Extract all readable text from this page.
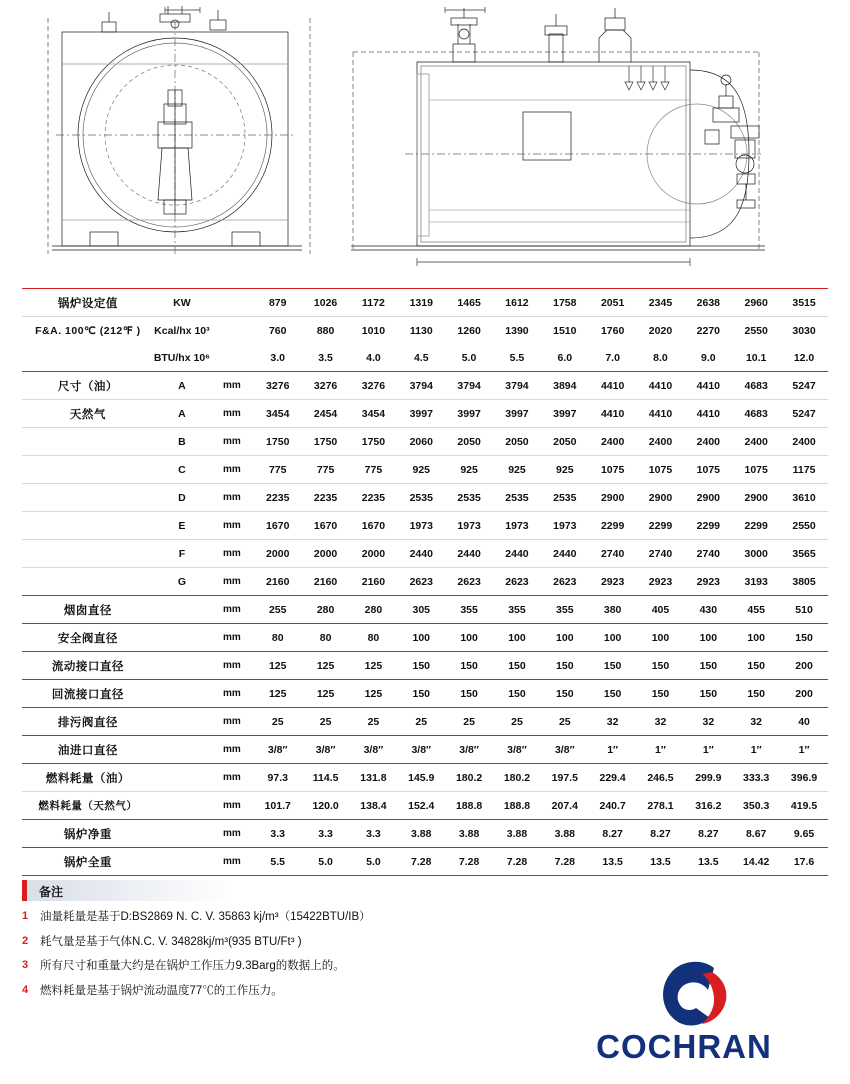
锅炉设定值	KW		879	1026	1172	1319	1465	1612	1758	2051	2345	2638	2960	3515
F&A. 100℃ (212℉ )	Kcal/hx 10³		760	880	1010	1130	1260	1390	1510	1760	2020	2270	2550	3030
	BTU/hx 10⁶		3.0	3.5	4.0	4.5	5.0	5.5	6.0	7.0	8.0	9.0	10.1	12.0
尺寸（油）	A	mm	3276	3276	3276	3794	3794	3794	3894	4410	4410	4410	4683	5247
天然气	A	mm	3454	2454	3454	3997	3997	3997	3997	4410	4410	4410	4683	5247
	B	mm	1750	1750	1750	2060	2050	2050	2050	2400	2400	2400	2400	2400
	C	mm	775	775	775	925	925	925	925	1075	1075	1075	1075	1175
	D	mm	2235	2235	2235	2535	2535	2535	2535	2900	2900	2900	2900	3610
	E	mm	1670	1670	1670	1973	1973	1973	1973	2299	2299	2299	2299	2550
	F	mm	2000	2000	2000	2440	2440	2440	2440	2740	2740	2740	3000	3565
	G	mm	2160	2160	2160	2623	2623	2623	2623	2923	2923	2923	3193	3805
烟囱直径		mm	255	280	280	305	355	355	355	380	405	430	455	510
安全阀直径		mm	80	80	80	100	100	100	100	100	100	100	100	150
流动接口直径		mm	125	125	125	150	150	150	150	150	150	150	150	200
回流接口直径		mm	125	125	125	150	150	150	150	150	150	150	150	200
排污阀直径		mm	25	25	25	25	25	25	25	32	32	32	32	40
油进口直径		mm	3/8″	3/8″	3/8″	3/8″	3/8″	3/8″	3/8″	1″	1″	1″	1″	1″
燃料耗量（油）		mm	97.3	114.5	131.8	145.9	180.2	180.2	197.5	229.4	246.5	299.9	333.3	396.9
燃料耗量（天然气）		mm	101.7	120.0	138.4	152.4	188.8	188.8	207.4	240.7	278.1	316.2	350.3	419.5
锅炉净重		mm	3.3	3.3	3.3	3.88	3.88	3.88	3.88	8.27	8.27	8.27	8.67	9.65
锅炉全重		mm	5.5	5.0	5.0	7.28	7.28	7.28	7.28	13.5	13.5	13.5	14.42	17.6
备注
1	油量耗量是基于D:BS2869 N. C. V. 35863 kj/m³（15422BTU/IB）
2	耗气量是基于气体N.C. V. 34828kj/m³(935 BTU/Ft³ )
3	所有尺寸和重量大约是在锅炉工作压力9.3Barg的数据上的。
4	燃料耗量是基于锅炉流动温度77℃的工作压力。
COCHRAN
